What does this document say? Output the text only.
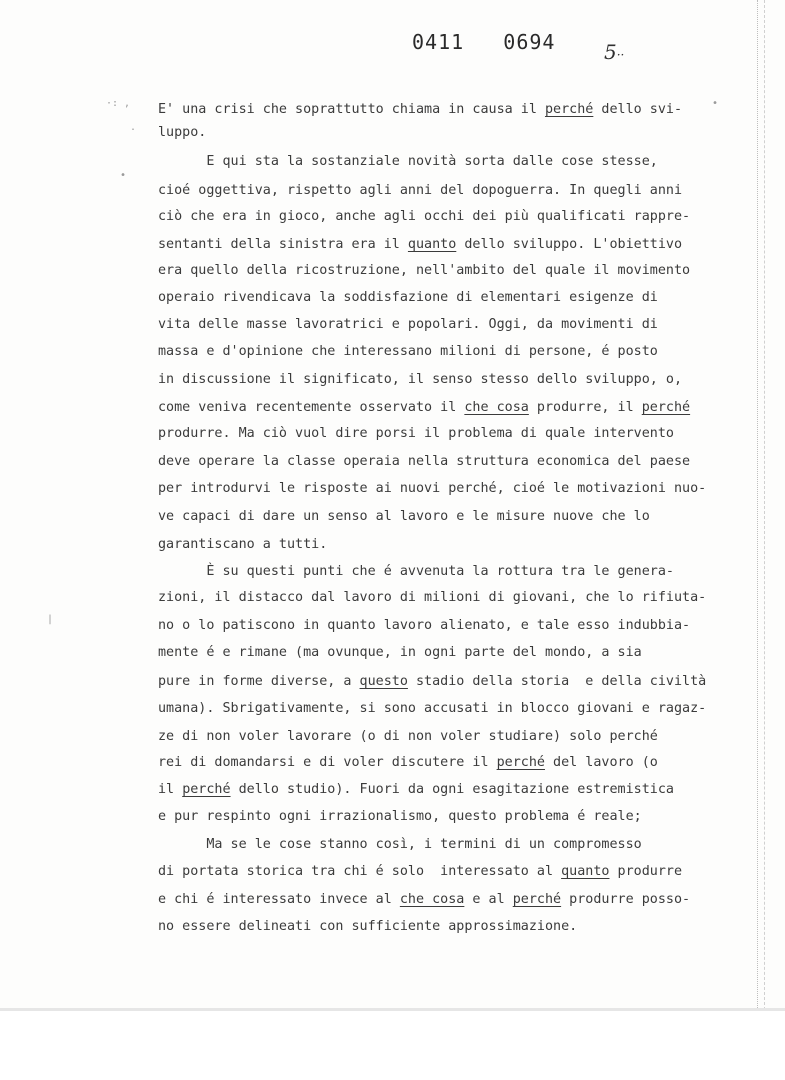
0411   0694 5··
·: ,
.
•
•
|
E' una crisi che soprattutto chiama in causa il perché dello svi-
luppo.
E qui sta la sostanziale novità sorta dalle cose stesse,
cioé oggettiva, rispetto agli anni del dopoguerra. In quegli anni
ciò che era in gioco, anche agli occhi dei più qualificati rappre-
sentanti della sinistra era il quanto dello sviluppo. L'obiettivo
era quello della ricostruzione, nell'ambito del quale il movimento
operaio rivendicava la soddisfazione di elementari esigenze di
vita delle masse lavoratrici e popolari. Oggi, da movimenti di
massa e d'opinione che interessano milioni di persone, é posto
in discussione il significato, il senso stesso dello sviluppo, o,
come veniva recentemente osservato il che cosa produrre, il perché
produrre. Ma ciò vuol dire porsi il problema di quale intervento
deve operare la classe operaia nella struttura economica del paese
per introdurvi le risposte ai nuovi perché, cioé le motivazioni nuo-
ve capaci di dare un senso al lavoro e le misure nuove che lo
garantiscano a tutti.
È su questi punti che é avvenuta la rottura tra le genera-
zioni, il distacco dal lavoro di milioni di giovani, che lo rifiuta-
no o lo patiscono in quanto lavoro alienato, e tale esso indubbia-
mente é e rimane (ma ovunque, in ogni parte del mondo, a sia
pure in forme diverse, a questo stadio della storia  e della civiltà
umana). Sbrigativamente, si sono accusati in blocco giovani e ragaz-
ze di non voler lavorare (o di non voler studiare) solo perché
rei di domandarsi e di voler discutere il perché del lavoro (o
il perché dello studio). Fuori da ogni esagitazione estremistica
e pur respinto ogni irrazionalismo, questo problema é reale;
Ma se le cose stanno così, i termini di un compromesso
di portata storica tra chi é solo  interessato al quanto produrre
e chi é interessato invece al che cosa e al perché produrre posso-
no essere delineati con sufficiente approssimazione.
